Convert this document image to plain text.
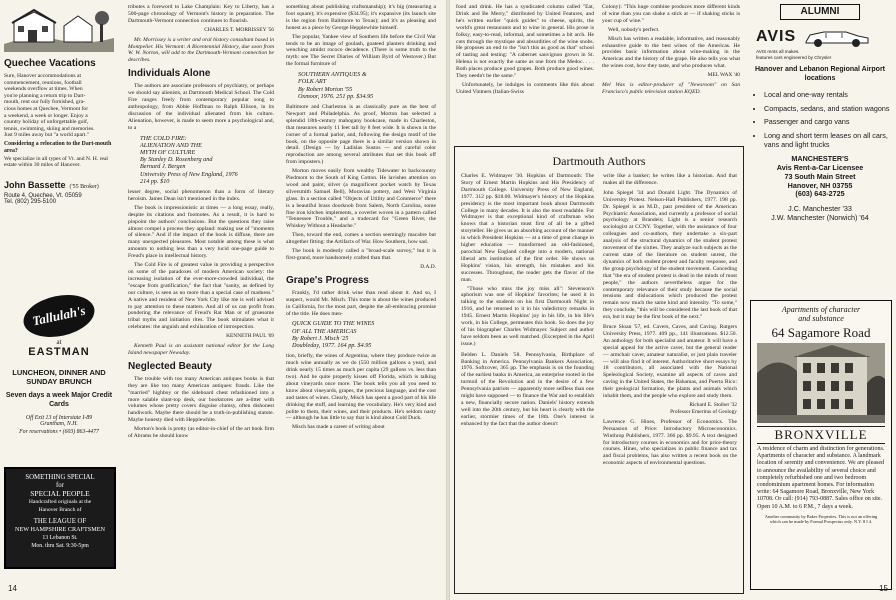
Quechee Vacations
Sure, Hanover accommodations at
commencement, reunions, football
weekends overflow at times. When
you're planning a return trip to Dart-
mouth, rent our fully furnished, gra-
cious homes at Quechee, Vermont for
a weekend, a week or longer. Enjoy a
country holiday of unforgettable golf,
tennis, swimming, skiing and memories.
Just 9 miles away but "a world apart."
Considering a relocation to the Dart-mouth area?
We specialize in all types of Vt. and N. H. real estate within 30 miles of Hanover.
John Bassette ('55 Broker)
Route 4, Quechee, Vt. 05059
Tel. (802) 295-5100
Tallulah's
at
EASTMAN
LUNCHEON, DINNER AND SUNDAY BRUNCH
Seven days a week Major Credit Cards
Off Exit 13 of Interstate I-89
Grantham, N.H.
For reservations • (603) 863-4477
SOMETHING SPECIAL
for
SPECIAL PEOPLE
Handcrafted originals at the
Hanover Branch of
THE LEAGUE OF
NEW HAMPSHIRE CRAFTSMEN
13 Lebanon St.
Mon. thru Sat. 9:30-5pm

tributes a foreword to Lake Champlain: Key to Liberty, has a 500-page chronology of Vermont's history in preparation. The Dartmouth-Vermont connection continues to flourish.

CHARLES T. MORRISSEY '56

Mr. Morrissey is a writer and oral history consultant based in Montpelier. His Vermont: A Bicentennial History, due soon from W. W. Norton, will add to the Dartmouth-Vermont connection he describes.

Individuals Alone

The authors are associate professors of psychiatry, or perhaps we should say alienists, at Dartmouth Medical School. The Cold Fire ranges freely from contemporary popular song to anthropology, from Abbie Hoffman to Ralph Ellison, in its discussion of the individual alienated from his culture. Alienation, however, is made to seem more a psychological and, to a

THE COLD FIRE:
ALIENATION AND THE
MYTH OF CULTURE
By Stanley D. Rosenberg and
Bernard J. Bergen
University Press of New England, 1976
214 pp. $10

lesser degree, social phenomenon than a form of literary heroism. James Dean isn't mentioned in the index.

The book is impressionistic at times — a long essay, really, despite its citations and footnotes. As a result, it is hard to pinpoint the authors' conclusions. But the questions they raise almost compel a process they applaud: making use of "moments of silence." And if the impact of the book is diffuse, there are many unexpected pleasures. Most notable among these is what amounts to nothing less than a very lucid one-page guide to Freud's place in intellectual history.

The Cold Fire is of greatest value in providing a perspective on some of the paradoxes of modern American society: the increasing isolation of the ever-more-crowded individual, the "escape from gratification," the fact that "sanity, as defined by our culture, is seen as no more than a special case of madness." A native and resident of New York City like me is well advised to pay attention to these matters. And all of us can profit from pondering the relevance of Freud's Rat Man or of gruesome tribal myths and initiation rites. The book stimulates what it celebrates: the anguish and exhilaration of introspection.

KENNETH PAUL '69

Kenneth Paul is an assistant national editor for the Long Island newspaper Newsday.

Neglected Beauty

The trouble with too many American antiques books is that they are like too many American antiques: frauds. Like the "married" highboy or the sideboard chest refashioned into a more salable slant-top desk, our bookstores are a-litter with volumes whose pretty covers disguise clumsy, often dishonest handiwork. Maybe there should be a truth-in-publishing statute. Maybe honesty died with Hepplewhite.

Morton's book is pretty (as editor-in-chief of the art book firm of Abrams he should know

something about publishing craftsmanship); it's big (measuring a foot square); it's expensive ($34.95); it's expansive (its launch site is the region from Baltimore to Texas); and it's as pleasing and honest as a piece by George Hepplewhite himself.

The popular, Yankee view of Southern life before the Civil War tends to be an image of goulash, goateed planters drinking and wenching amidst rococo decadence. (There is some truth to the myth: see The Secret Diaries of William Byrd of Westover.) But the formal furniture of

SOUTHERN ANTIQUES &
FOLK ART
By Robert Morton '55
Oxmoor, 1976. 251 pp. $34.95

Baltimore and Charleston is as classically pure as the best of Newport and Philadelphia. As proof, Morton has selected a splendid 18th-century mahogany bookcase, made in Charleston, that measures nearly 11 feet tall by 8 feet wide. It is shown in the corner of a formal parlor, and, following the design motif of the book, on the opposite page there is a similar version shown in detail. (Design — by Ladislas Sustos — and careful color reproduction are among several attributes that set this book off from imposters.)

Morton moves easily from wealthy Tidewater to backcountry Piedmont to the South of King Cotton. He lavishes attention on wood and paint, silver (a magnificent pocket watch by Texas silversmith Samuel Bell), Moravian pottery, and West Virginia glass. In a section called "Objects of Utility and Commerce" there is a beautiful brass doorknob from Salem, North Carolina, some fine iron kitchen implements, a coverlet woven in a pattern called "Tennessee Trouble," and a tradecard for "Green River, the Whiskey Without a Headache."

Then, toward the end, comes a section seemingly macabre but altogether fitting: the Artifacts of War. How Southern, how sad.

The book is modestly called a "broad-scale survey," but it is first-grand, more handsomely crafted than that.

D.A.D.
Grape's Progress

Frankly, I'd rather drink wine than read about it. And so, I suspect, would Mr. Misch. This tome is about the wines produced in California, for the most part, despite the all-embracing promise of the title. He does men-

QUICK GUIDE TO THE WINES
OF ALL THE AMERICAS
By Robert J. Misch '25
Doubleday, 1977. 164 pp. $4.95

tion, briefly, the wines of Argentina, where they produce twice as much wine annually as we do (550 million gallons a year), and drink nearly 15 times as much per capita (29 gallons vs. less than two). And he quite properly kisses off Florida, which is talking about vineyards once more. The book tells you all you need to know about vineyards, grapes, the precious language, and the cost and tastes of wines. Clearly, Misch has spent a good part of his life drinking the stuff, and learning the vocabulary. He's very kind and polite to them, their wines, and their products. He's seldom nasty — although he has little to say that is kind about Cold Duck.

Misch has made a career of writing about

14

food and drink. He has a syndicated column called "Eat, Drink and Be Merry," distributed by United Features, and he's written earlier "quick guides" to cheese, spirits, the world's great restaurants and to wine in general. His prose is folksy, easy-to-read, informal, and sometimes a bit arch. He cuts through the mystique and absurdities of the wine snobs. He proposes an end to the "isn't this as good as that" school of tasting and testing: "A cabernet sauvignon grown in St. Helena is not exactly the same as one from the Medoc. . . . Both places produce good grapes. Both produce good wines. They needn't be the same."

Unfortunately, he indulges in comments like this about United Vintners (Italian-Swiss

Colony): "This huge combine produces more different kinds of wine than you can shake a stick at — if shaking sticks is your cup of wine."

Well, nobody's perfect.

Misch has written a readable, informative, and reasonably exhaustive guide to the best wines of the Americas. He provides basic information about wine-making in the Americas and the history of the grape. He also tells you what the wines cost, how they taste, and who produces what.

MEL WAX '40

Mel Wax is editor-producer of "Newsroom" on San Francisco's public television station KQED.

Dartmouth Authors

Charles E. Widmayer '30. Hopkins of Dartmouth: The Story of Ernest Martin Hopkins and His Presidency of Dartmouth College. University Press of New England, 1977. 312 pp. $18.00. Widmayer's history of the Hopkins presidency is the most important book about Dartmouth College in many decades. It is also the most readable. For Widmayer is that exceptional kind of craftsman who knows that a historian must first of all be a gifted storyteller. He gives us an absorbing account of the manner in which President Hopkins — at a time of great change in higher education — transformed an old-fashioned, parochial New England college into a modern, national liberal arts institution of the first order. He shows us Hopkins' vision, his strength, his mistakes and his successes. Throughout, the reader gets the flavor of the man.

"Those who miss the joy miss all": Stevenson's aphorism was one of Hopkins' favorites; he used it in talking to the students on his first Dartmouth Night in 1916, and he returned to it in his valedictory remarks in 1945. Ernest Martin Hopkins' joy in his life, in his life's work, in his College, permeates this book. So does the joy of his biographer Charles Widmayer. Subject and author have seldom been as well matched. (Excerpted in the April issue.)

Belden L. Daniels '58. Pennsylvania, Birthplace of Banking in America. Pennsylvania Bankers Association, 1976. Softcover, 365 pp. The emphasis is on the founding of the earliest banks in America, an enterprise rooted in the turmoil of the Revolution and in the desire of a few Pennsylvania patriots — apparently more selfless than one might have supposed — to finance the War and to establish a new, financially secure nation. Daniels' history extends well into the 20th century, but his heart is clearly with the earlier, stormier times of the 18th. One's interest is enhanced by the fact that the author doesn't

write like a banker; he writes like a historian. And that makes all the difference.

John Spiegel '34 and Donald Light. The Dynamics of University Protest. Nelson-Hall Publishers, 1977. 198 pp. Dr. Spiegel is an M.D., past president of the American Psychiatric Association, and currently a professor of social psychology at Brandeis; Light is a senior research sociologist at CCNY. Together, with the assistance of four colleagues and co-authors, they undertake a six-part analysis of the structural dynamics of the student protest movement of the sixties. They analyze such subjects as the current state of the literature on student unrest, the dynamics of both student protest and faculty response, and the group psychology of the student movement. Conceding that "the era of student protest is dead in the minds of most people," the authors nevertheless argue for the contemporary relevance of their study because the social tensions and dislocations which produced the protest remain now much the same kind and intensity. "To some," they conclude, "this will be considered the last book of that era, but it may be the first book of the next."

Bruce Sloan '57, ed. Cavers, Caves, and Caving. Rutgers University Press, 1977. 409 pp., 141 illustrations. $12.50. An anthology for both specialist and amateur. It will have a special appeal for the active caver, but the general reader — armchair caver, amateur naturalist, or just plain traveler — will also find it of interest. Authoritative short essays by 18 contributors, all associated with the National Speleological Society, examine all aspects of caves and caving in the United States, the Bahamas, and Puerto Rico: their geological formation, the plants and animals which inhabit them, and the people who explore and study them.

Richard E. Stoiber '32
Professor Emeritus of Geology

Lawrence G. Hines, Professor of Economics. The Persuasion of Price: Introductory Microeconomics. Winthrop Publishers, 1977. 366 pp. $9.95. A text designed for introductory courses in economics and for price-theory courses. Hines, who specializes in public finance and tax and fiscal problems, has also written a recent book on the economic aspects of environmental questions.

ALUMNI
AVIS
AVIS rents all makes.
features cars engineered by Chrysler
Hanover and Lebanon Regional Airport locations
• Local and one-way rentals
• Compacts, sedans, and station wagons
• Passenger and cargo vans
• Long and short term leases on all cars, vans and light trucks
MANCHESTER'S
Avis Rent-a-Car Licensee
73 South Main Street
Hanover, NH 03755
(603) 643-2725
J.C. Manchester '33
J.W. Manchester (Norwich) '64
Apartments of character
and substance
64 Sagamore Road
BRONXVILLE
A residence of charm and distinction for generations. Apartments of character and substance. A landmark location of serenity and convenience. We are pleased to announce the availability of several choice and completely refurbished one and two bedroom condominium apartment homes. For information write: 64 Sagamore Road, Bronxville, New York 10708. Or call: (914) 793-0887. Sales office on site. Open 10 A.M. to 6 P.M., 7 days a week.
Another community by Baker Properties. This is not an offering which can be made by Formal Prospectus only. N.Y. 8 I 4.
15
